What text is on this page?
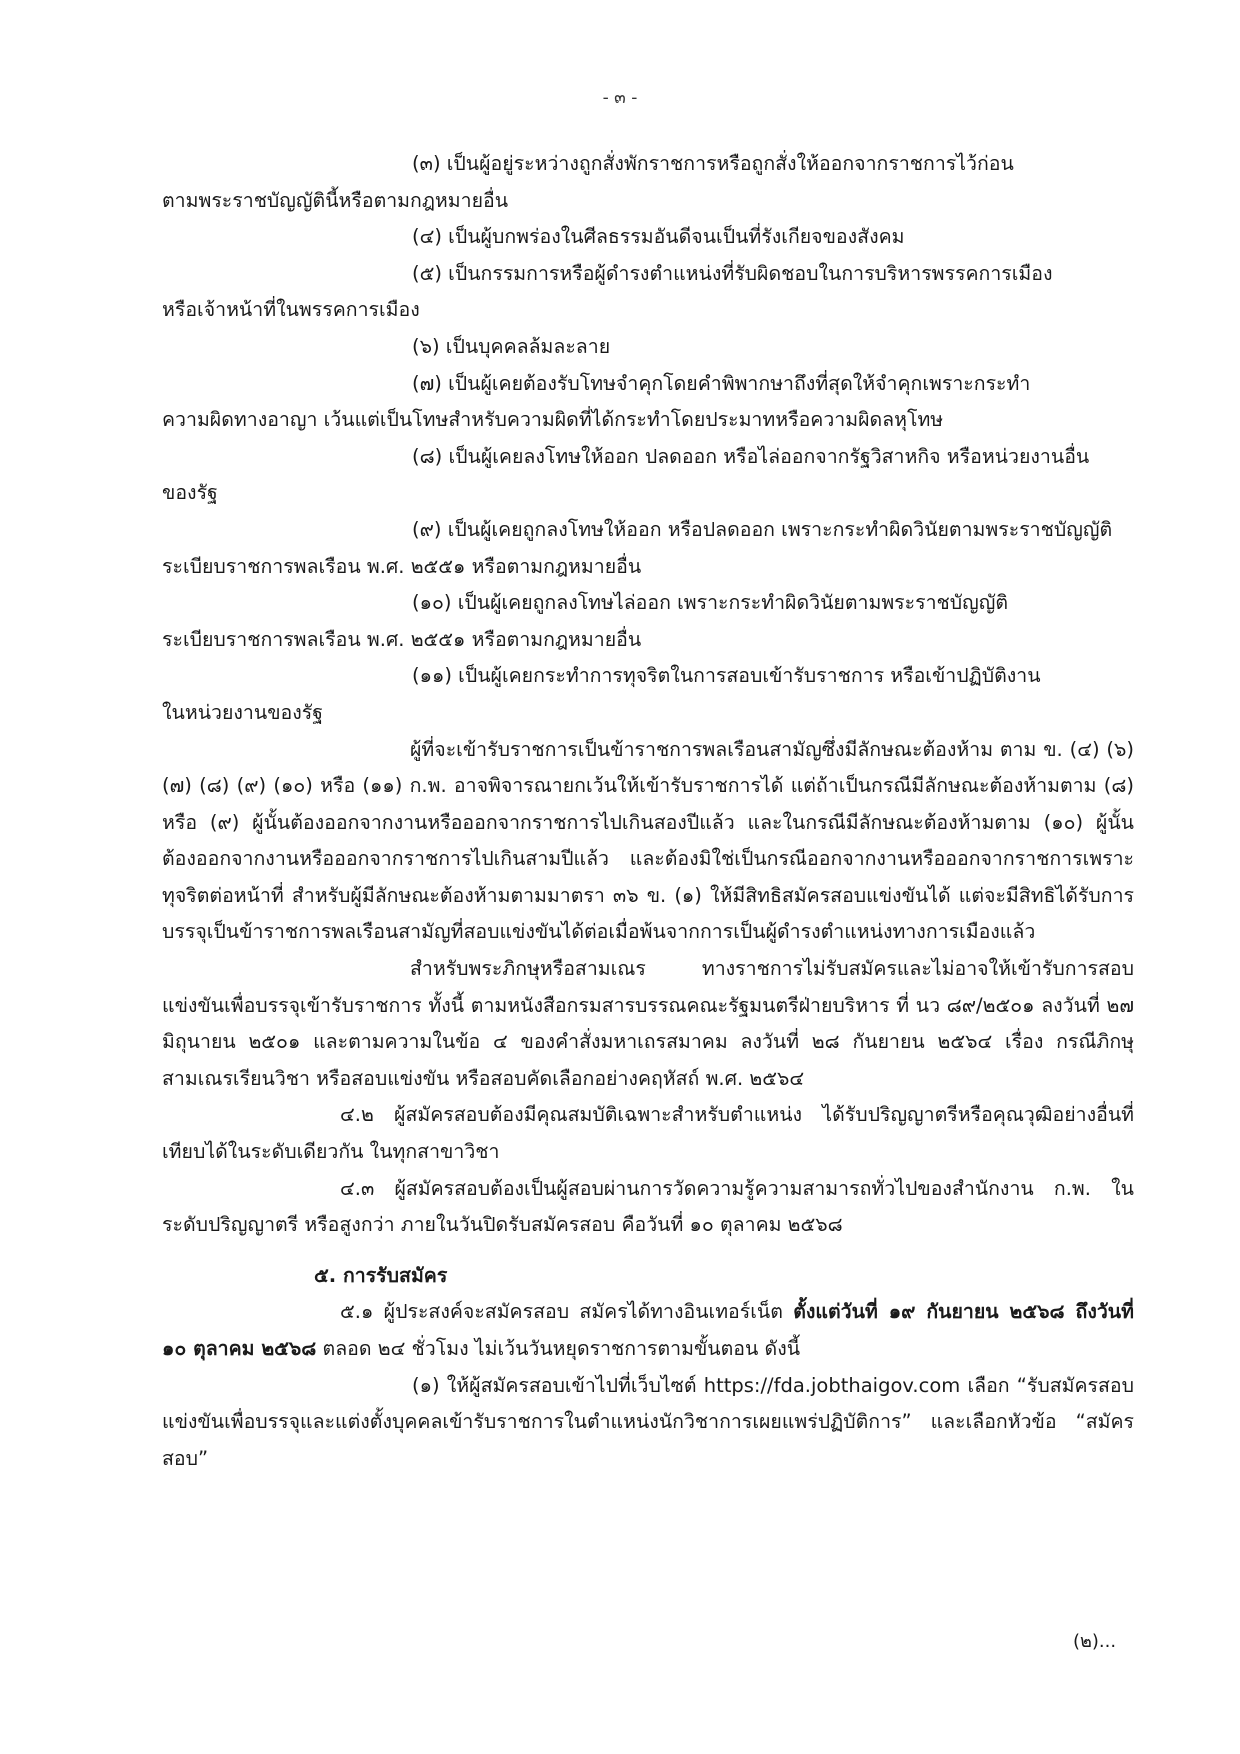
- ๓ -

(๓) เป็นผู้อยู่ระหว่างถูกสั่งพักราชการหรือถูกสั่งให้ออกจากราชการไว้ก่อน

ตามพระราชบัญญัตินี้หรือตามกฎหมายอื่น

(๔) เป็นผู้บกพร่องในศีลธรรมอันดีจนเป็นที่รังเกียจของสังคม

(๕) เป็นกรรมการหรือผู้ดำรงตำแหน่งที่รับผิดชอบในการบริหารพรรคการเมือง

หรือเจ้าหน้าที่ในพรรคการเมือง

(๖) เป็นบุคคลล้มละลาย

(๗) เป็นผู้เคยต้องรับโทษจำคุกโดยคำพิพากษาถึงที่สุดให้จำคุกเพราะกระทำ

ความผิดทางอาญา เว้นแต่เป็นโทษสำหรับความผิดที่ได้กระทำโดยประมาทหรือความผิดลหุโทษ

(๘) เป็นผู้เคยลงโทษให้ออก ปลดออก หรือไล่ออกจากรัฐวิสาหกิจ หรือหน่วยงานอื่น

ของรัฐ

(๙) เป็นผู้เคยถูกลงโทษให้ออก หรือปลดออก เพราะกระทำผิดวินัยตามพระราชบัญญัติ

ระเบียบราชการพลเรือน พ.ศ. ๒๕๕๑ หรือตามกฎหมายอื่น

(๑๐) เป็นผู้เคยถูกลงโทษไล่ออก เพราะกระทำผิดวินัยตามพระราชบัญญัติ

ระเบียบราชการพลเรือน พ.ศ. ๒๕๕๑ หรือตามกฎหมายอื่น

(๑๑) เป็นผู้เคยกระทำการทุจริตในการสอบเข้ารับราชการ หรือเข้าปฏิบัติงาน

ในหน่วยงานของรัฐ

ผู้ที่จะเข้ารับราชการเป็นข้าราชการพลเรือนสามัญซึ่งมีลักษณะต้องห้าม ตาม ข. (๔) (๖) (๗) (๘) (๙) (๑๐) หรือ (๑๑) ก.พ. อาจพิจารณายกเว้นให้เข้ารับราชการได้ แต่ถ้าเป็นกรณีมีลักษณะต้องห้ามตาม (๘) หรือ (๙) ผู้นั้นต้องออกจากงานหรือออกจากราชการไปเกินสองปีแล้ว และในกรณีมีลักษณะต้องห้ามตาม (๑๐) ผู้นั้นต้องออกจากงานหรือออกจากราชการไปเกินสามปีแล้ว และต้องมิใช่เป็นกรณีออกจากงานหรือออกจากราชการเพราะทุจริตต่อหน้าที่ สำหรับผู้มีลักษณะต้องห้ามตามมาตรา ๓๖ ข. (๑) ให้มีสิทธิสมัครสอบแข่งขันได้ แต่จะมีสิทธิได้รับการบรรจุเป็นข้าราชการพลเรือนสามัญที่สอบแข่งขันได้ต่อเมื่อพ้นจากการเป็นผู้ดำรงตำแหน่งทางการเมืองแล้ว

สำหรับพระภิกษุหรือสามเณร ทางราชการไม่รับสมัครและไม่อาจให้เข้ารับการสอบแข่งขันเพื่อบรรจุเข้ารับราชการ ทั้งนี้ ตามหนังสือกรมสารบรรณคณะรัฐมนตรีฝ่ายบริหาร ที่ นว ๘๙/๒๕๐๑ ลงวันที่ ๒๗ มิถุนายน ๒๕๐๑ และตามความในข้อ ๔ ของคำสั่งมหาเถรสมาคม ลงวันที่ ๒๘ กันยายน ๒๕๖๔ เรื่อง กรณีภิกษุสามเณรเรียนวิชา หรือสอบแข่งขัน หรือสอบคัดเลือกอย่างคฤหัสถ์ พ.ศ. ๒๕๖๔

๔.๒ ผู้สมัครสอบต้องมีคุณสมบัติเฉพาะสำหรับตำแหน่ง ได้รับปริญญาตรีหรือคุณวุฒิอย่างอื่นที่เทียบได้ในระดับเดียวกัน ในทุกสาขาวิชา

๔.๓ ผู้สมัครสอบต้องเป็นผู้สอบผ่านการวัดความรู้ความสามารถทั่วไปของสำนักงาน ก.พ. ในระดับปริญญาตรี หรือสูงกว่า ภายในวันปิดรับสมัครสอบ คือวันที่ ๑๐ ตุลาคม ๒๕๖๘

๕. การรับสมัคร

๕.๑ ผู้ประสงค์จะสมัครสอบ สมัครได้ทางอินเทอร์เน็ต ตั้งแต่วันที่ ๑๙ กันยายน ๒๕๖๘ ถึงวันที่ ๑๐ ตุลาคม ๒๕๖๘ ตลอด ๒๔ ชั่วโมง ไม่เว้นวันหยุดราชการตามขั้นตอน ดังนี้

(๑) ให้ผู้สมัครสอบเข้าไปที่เว็บไซต์ https://fda.jobthaigov.com เลือก “รับสมัครสอบแข่งขันเพื่อบรรจุและแต่งตั้งบุคคลเข้ารับราชการในตำแหน่งนักวิชาการเผยแพร่ปฏิบัติการ” และเลือกหัวข้อ “สมัครสอบ”

(๒)...
